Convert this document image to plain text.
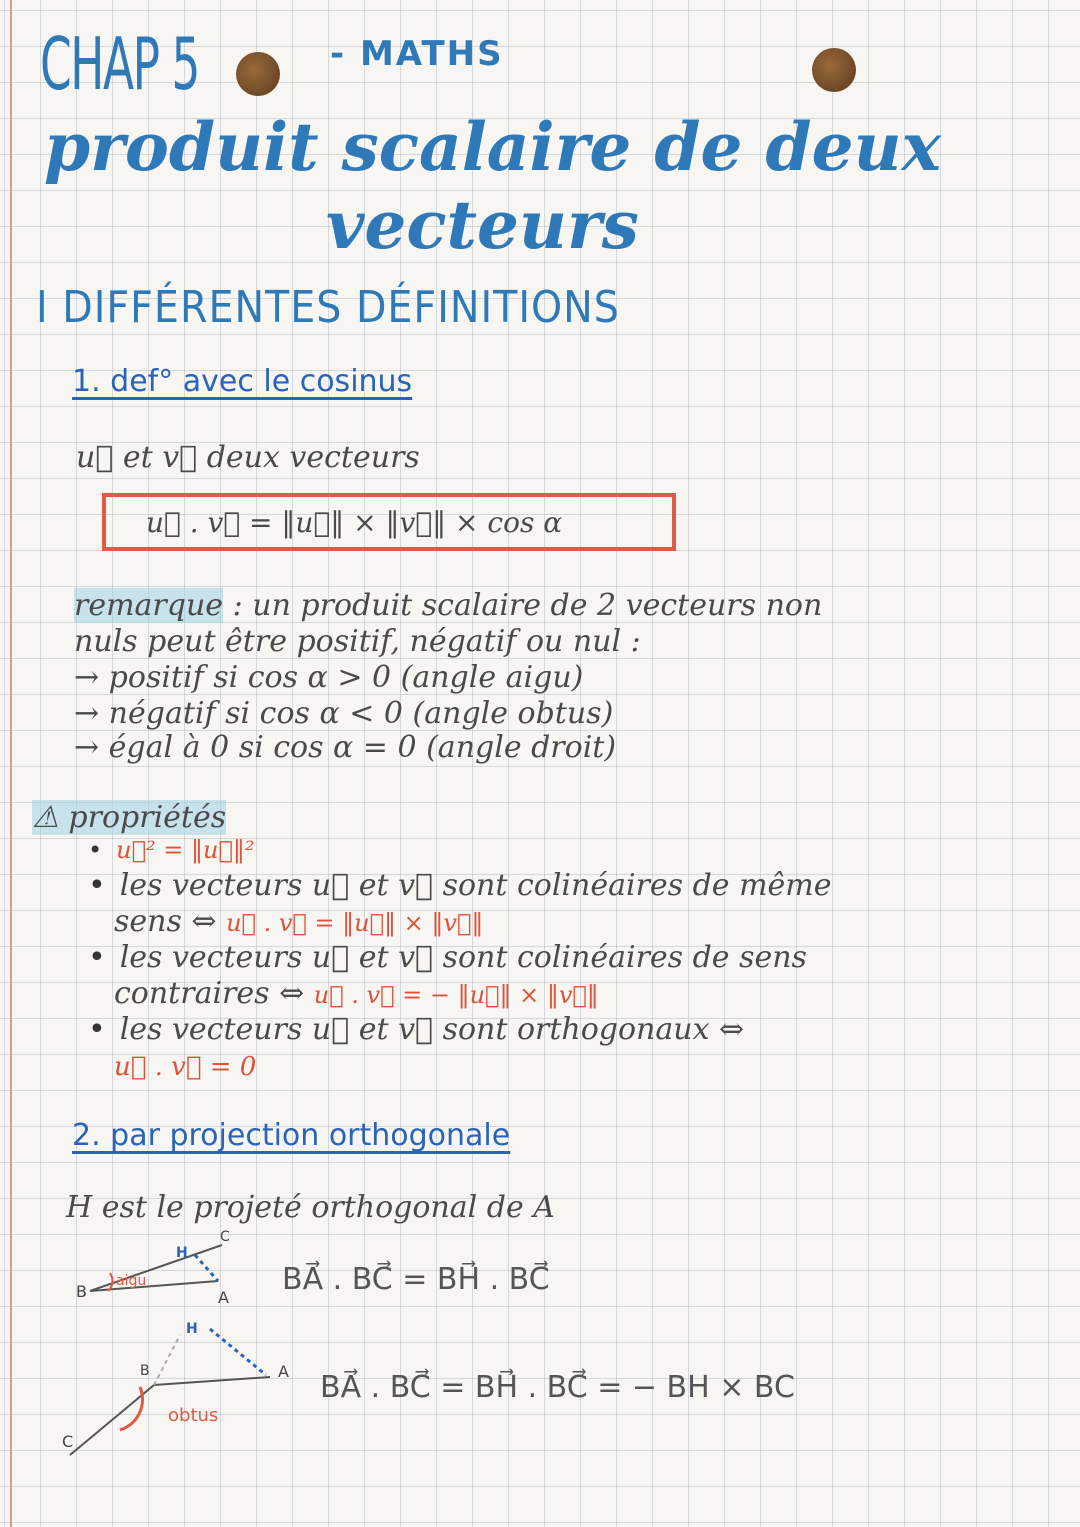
CHAP 5	- MATHS
produit scalaire de deux
vecteurs
I DIFFÉRENTES DÉFINITIONS
1. def° avec le cosinus
u⃗ et v⃗ deux vecteurs
u⃗ . v⃗ = ‖u⃗‖ × ‖v⃗‖ × cos α
remarque : un produit scalaire de 2 vecteurs non
nuls peut être positif, négatif ou nul :
→ positif si cos α > 0 (angle aigu)
→ négatif si cos α < 0 (angle obtus)
→ égal à 0 si cos α = 0 (angle droit)
⚠ propriétés
• u⃗² = ‖u⃗‖²
• les vecteurs u⃗ et v⃗ sont colinéaires de même
sens ⇔ u⃗ . v⃗ = ‖u⃗‖ × ‖v⃗‖
• les vecteurs u⃗ et v⃗ sont colinéaires de sens
contraires ⇔ u⃗ . v⃗ = − ‖u⃗‖ × ‖v⃗‖
• les vecteurs u⃗ et v⃗ sont orthogonaux ⇔
u⃗ . v⃗ = 0
2. par projection orthogonale
H est le projeté orthogonal de A
B
C
A
H
aigu
B	A
H
C
obtus
BA⃗ . BC⃗ = BH⃗ . BC⃗
BA⃗ . BC⃗ = BH⃗ . BC⃗ = − BH × BC
